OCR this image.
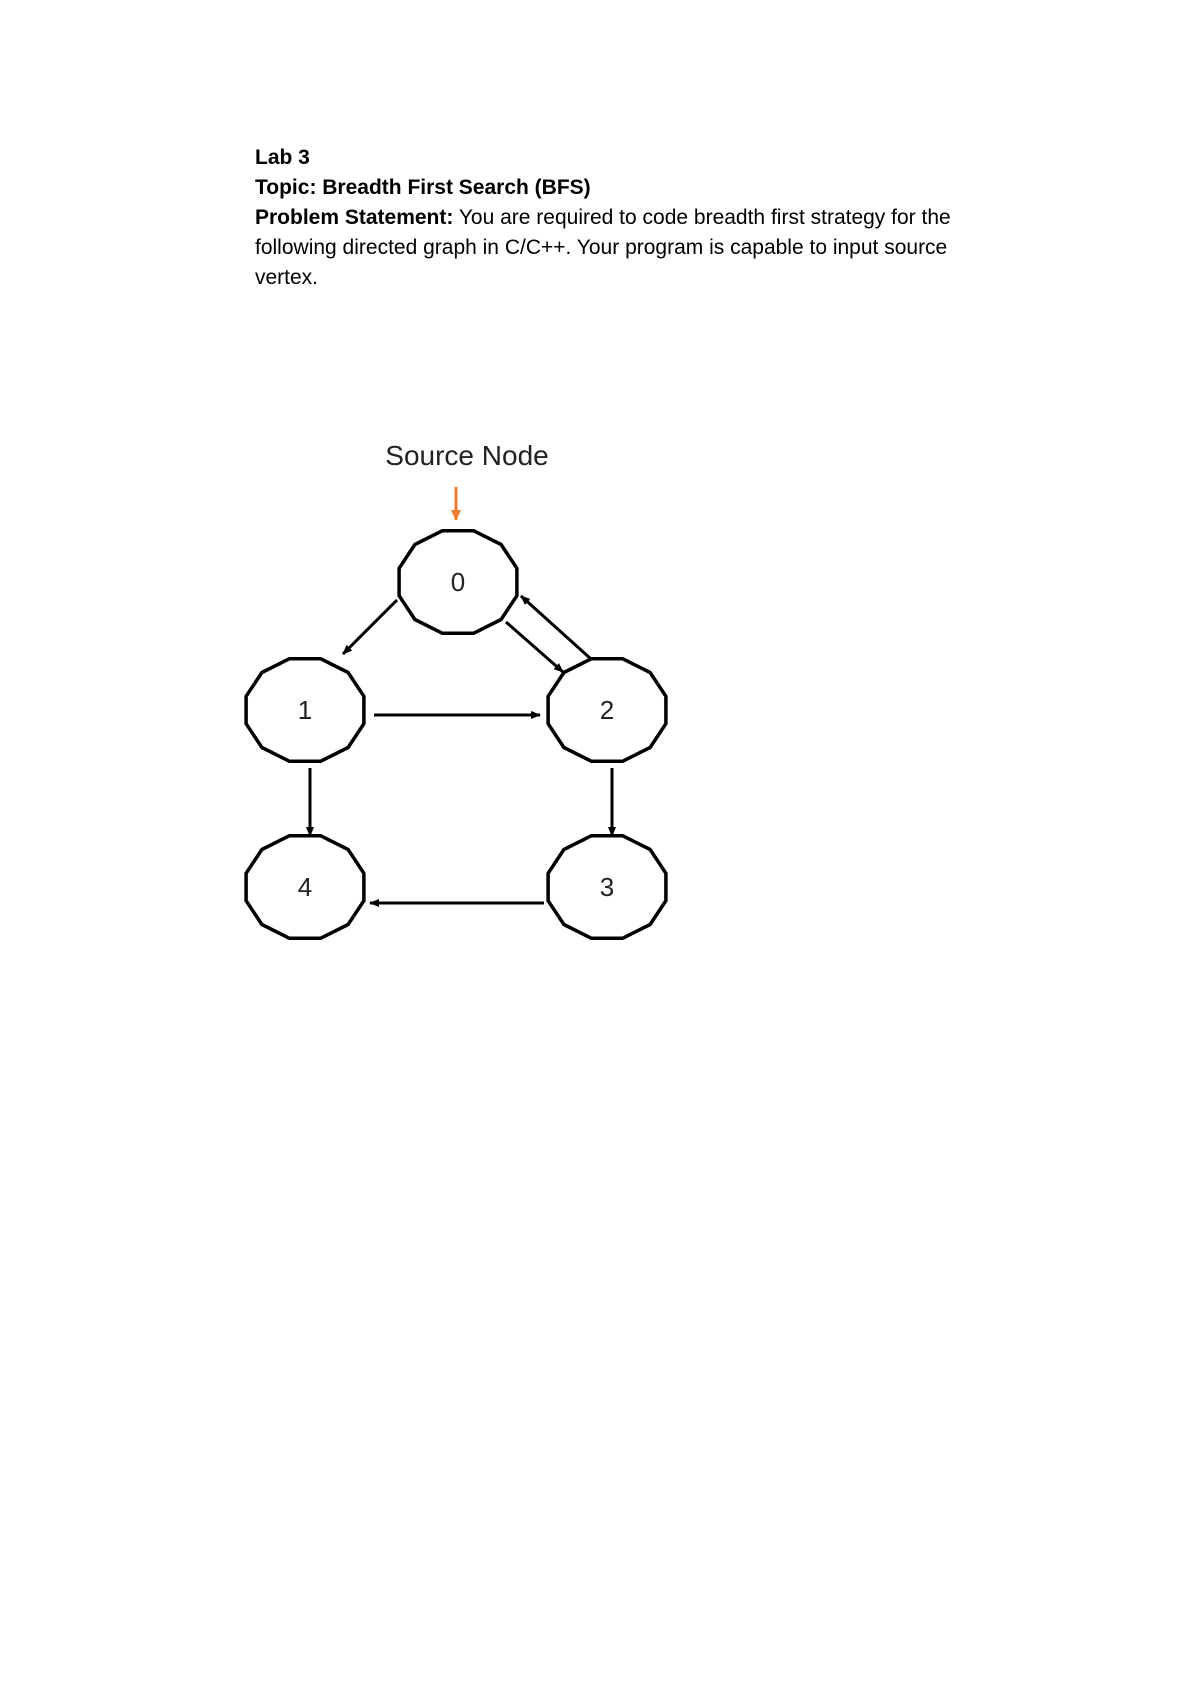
Lab 3

Topic: Breadth First Search (BFS)

Problem Statement: You are required to code breadth first strategy for the following directed graph in C/C++. Your program is capable to input source vertex.

Source Node
0
1	2
3
4
